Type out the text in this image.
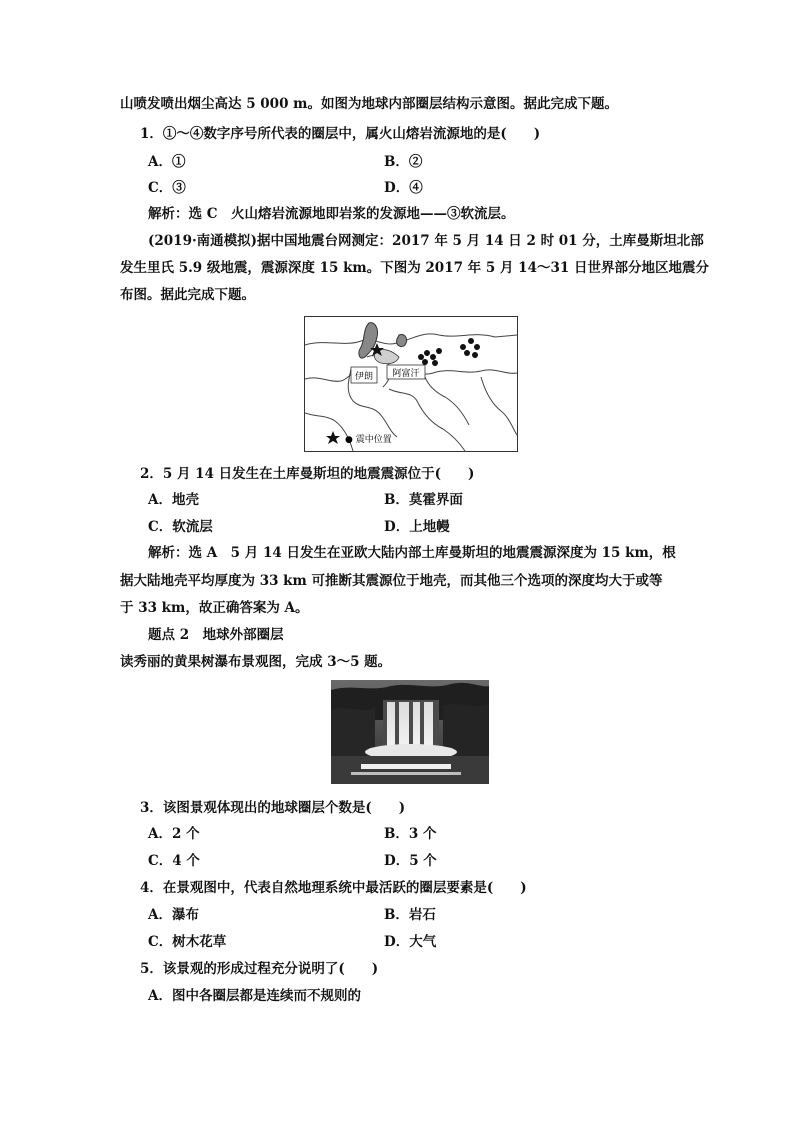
山喷发喷出烟尘高达 5 000 m。如图为地球内部圈层结构示意图。据此完成下题。
1．①～④数字序号所代表的圈层中，属火山熔岩流源地的是(　　)
A．①	B．②
C．③	D．④
解析：选 C　火山熔岩流源地即岩浆的发源地——③软流层。
(2019·南通模拟)据中国地震台网测定：2017 年 5 月 14 日 2 时 01 分，土库曼斯坦北部
发生里氏 5.9 级地震，震源深度 15 km。下图为 2017 年 5 月 14～31 日世界部分地区地震分
布图。据此完成下题。
伊朗 阿富汗
● 震中位置
2．5 月 14 日发生在土库曼斯坦的地震震源位于(　　)
A．地壳	B．莫霍界面
C．软流层	D．上地幔
解析：选 A　5 月 14 日发生在亚欧大陆内部土库曼斯坦的地震震源深度为 15 km，根
据大陆地壳平均厚度为 33 km 可推断其震源位于地壳，而其他三个选项的深度均大于或等
于 33 km，故正确答案为 A。
题点 2　地球外部圈层
读秀丽的黄果树瀑布景观图，完成 3～5 题。
3．该图景观体现出的地球圈层个数是(　　)
A．2 个	B．3 个
C．4 个	D．5 个
4．在景观图中，代表自然地理系统中最活跃的圈层要素是(　　)
A．瀑布	B．岩石
C．树木花草	D．大气
5．该景观的形成过程充分说明了(　　)
A．图中各圈层都是连续而不规则的
